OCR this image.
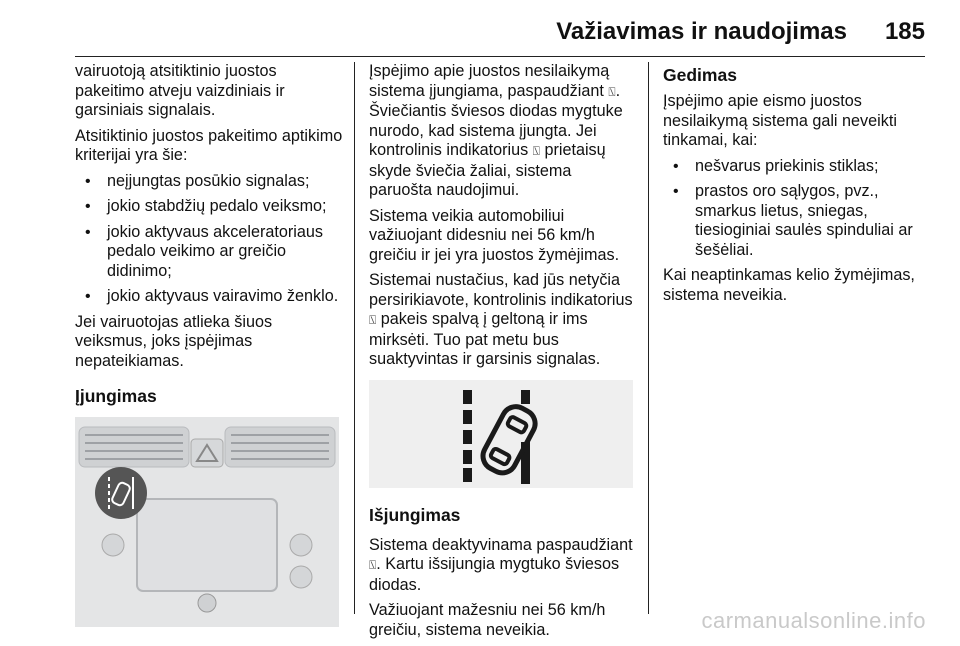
Važiavimas ir naudojimas 185

vairuotoją atsitiktinio juostos pakeitimo atveju vaizdiniais ir garsiniais signalais.

Atsitiktinio juostos pakeitimo aptikimo kriterijai yra šie:

• neįjungtas posūkio signalas;
• jokio stabdžių pedalo veiksmo;
• jokio aktyvaus akceleratoriaus pedalo veikimo ar greičio didinimo;
• jokio aktyvaus vairavimo ženklo.

Jei vairuotojas atlieka šiuos veiksmus, joks įspėjimas nepateikiamas.

Įjungimas

Įspėjimo apie juostos nesilaikymą sistema įjungiama, paspaudžiant ⍂. Šviečiantis šviesos diodas mygtuke nurodo, kad sistema įjungta. Jei kontrolinis indikatorius ⍂ prietaisų skyde šviečia žaliai, sistema paruošta naudojimui.

Sistema veikia automobiliui važiuojant didesniu nei 56 km/h greičiu ir jei yra juostos žymėjimas.

Sistemai nustačius, kad jūs netyčia persirikiavote, kontrolinis indikatorius ⍂ pakeis spalvą į geltoną ir ims mirksėti. Tuo pat metu bus suaktyvintas ir garsinis signalas.

Išjungimas

Sistema deaktyvinama paspaudžiant ⍂. Kartu išsijungia mygtuko šviesos diodas.

Važiuojant mažesniu nei 56 km/h greičiu, sistema neveikia.

Gedimas

Įspėjimo apie eismo juostos nesilaikymą sistema gali neveikti tinkamai, kai:

• nešvarus priekinis stiklas;
• prastos oro sąlygos, pvz., smarkus lietus, sniegas, tiesioginiai saulės spinduliai ar šešėliai.

Kai neaptinkamas kelio žymėjimas, sistema neveikia.

carmanualsonline.info
